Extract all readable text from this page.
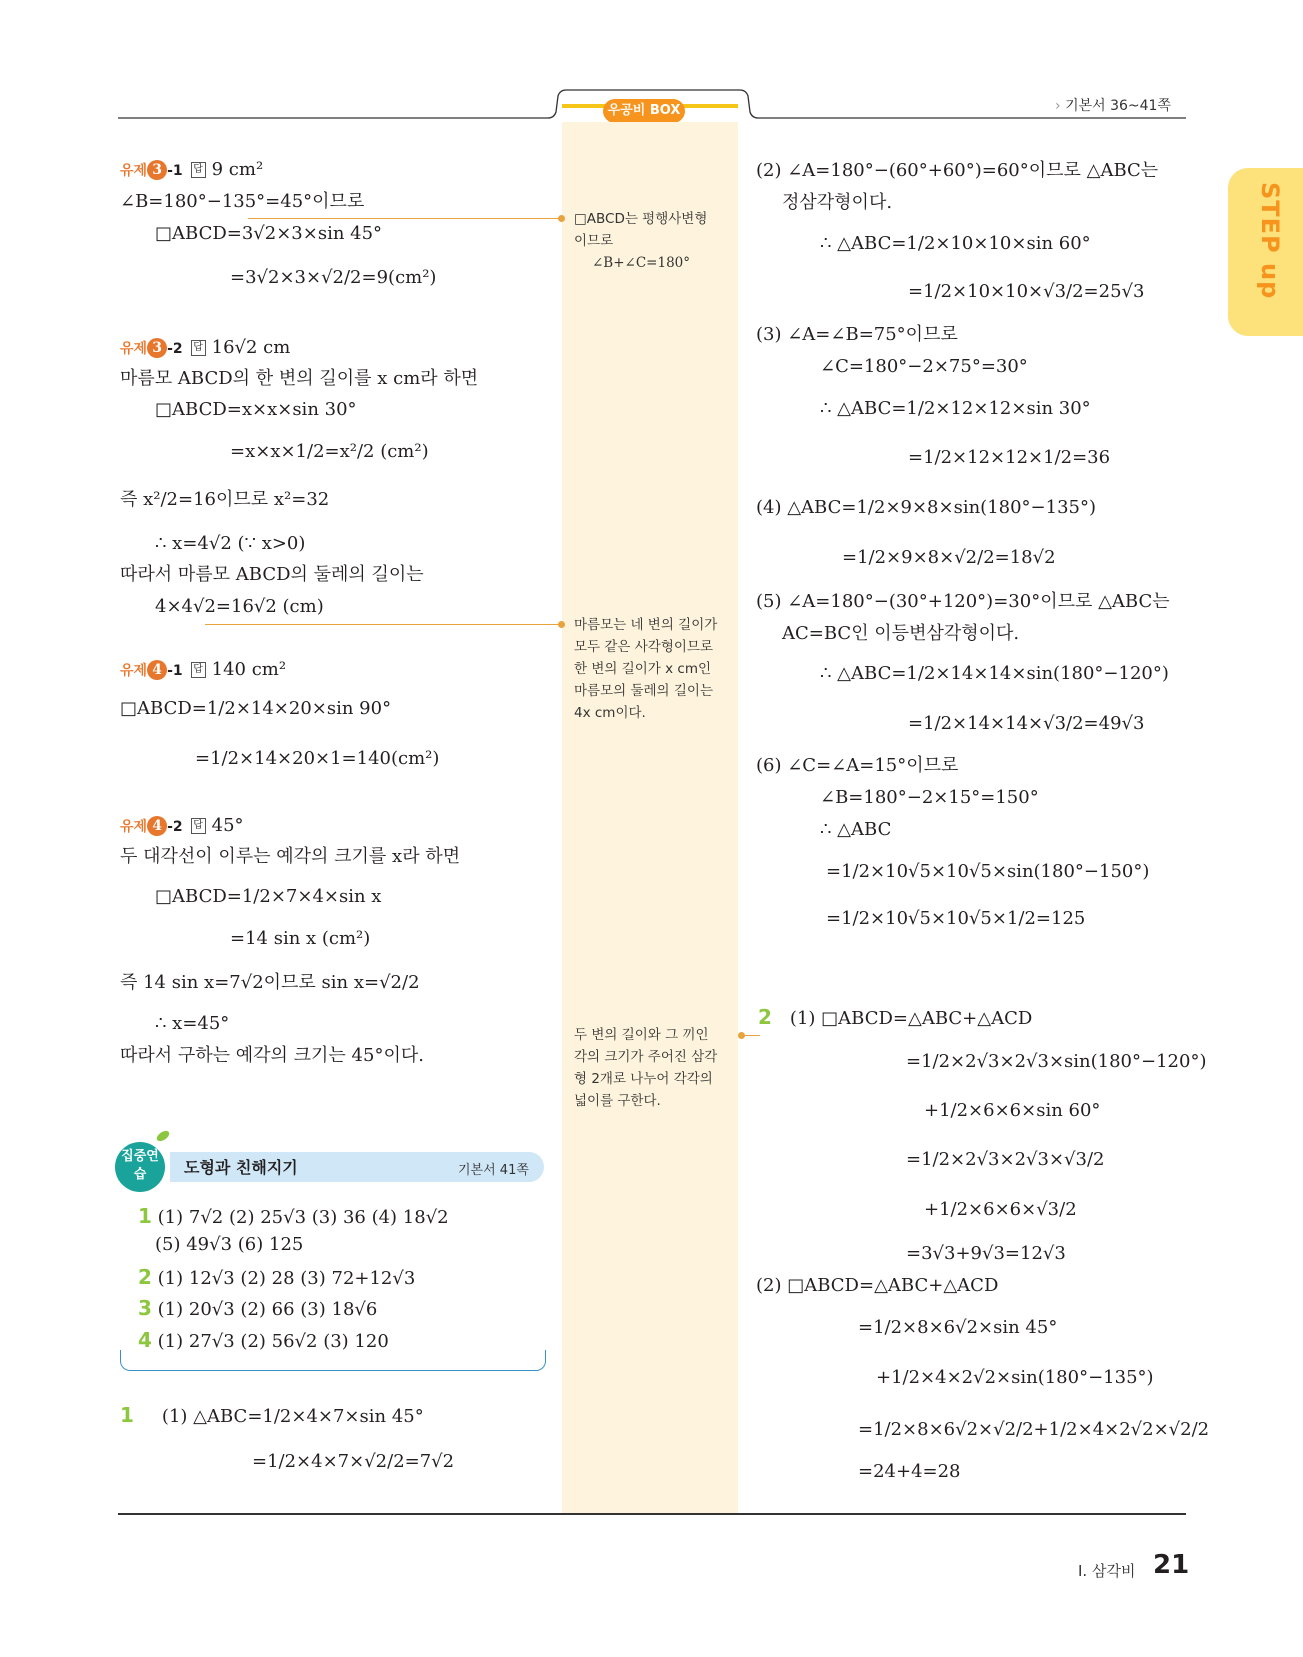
우공비 BOX	› 기본서 36~41쪽
STEP up
유제 3 -1 답 9 cm²
∠B=180°−135°=45°이므로
□ABCD=3√2×3×sin 45°
=3√2×3×√2/2=9(cm²)
유제 3 -2 답 16√2 cm
마름모 ABCD의 한 변의 길이를 x cm라 하면
□ABCD=x×x×sin 30°
=x×x×1/2=x²/2 (cm²)
즉 x²/2=16이므로 x²=32
∴ x=4√2 (∵ x>0)
따라서 마름모 ABCD의 둘레의 길이는
4×4√2=16√2 (cm)
유제 4 -1 답 140 cm²
□ABCD=1/2×14×20×sin 90°
=1/2×14×20×1=140(cm²)
유제 4 -2 답 45°
두 대각선이 이루는 예각의 크기를 x라 하면
□ABCD=1/2×7×4×sin x
=14 sin x (cm²)
즉 14 sin x=7√2이므로 sin x=√2/2
∴ x=45°
따라서 구하는 예각의 크기는 45°이다.
집중연습	도형과 친해지기	기본서 41쪽
1 (1) 7√2 (2) 25√3 (3) 36 (4) 18√2
(5) 49√3 (6) 125
2 (1) 12√3 (2) 28 (3) 72+12√3
3 (1) 20√3 (2) 66 (3) 18√6
4 (1) 27√3 (2) 56√2 (3) 120
1 (1) △ABC=1/2×4×7×sin 45°
=1/2×4×7×√2/2=7√2
□ABCD는 평행사변형
이므로
∠B+∠C=180°
마름모는 네 변의 길이가
모두 같은 사각형이므로
한 변의 길이가 x cm인
마름모의 둘레의 길이는
4x cm이다.
두 변의 길이와 그 끼인
각의 크기가 주어진 삼각
형 2개로 나누어 각각의
넓이를 구한다.
(2) ∠A=180°−(60°+60°)=60°이므로 △ABC는
정삼각형이다.
∴ △ABC=1/2×10×10×sin 60°
=1/2×10×10×√3/2=25√3
(3) ∠A=∠B=75°이므로
∠C=180°−2×75°=30°
∴ △ABC=1/2×12×12×sin 30°
=1/2×12×12×1/2=36
(4) △ABC=1/2×9×8×sin(180°−135°)
=1/2×9×8×√2/2=18√2
(5) ∠A=180°−(30°+120°)=30°이므로 △ABC는
AC=BC인 이등변삼각형이다.
∴ △ABC=1/2×14×14×sin(180°−120°)
=1/2×14×14×√3/2=49√3
(6) ∠C=∠A=15°이므로
∠B=180°−2×15°=150°
∴ △ABC
=1/2×10√5×10√5×sin(180°−150°)
=1/2×10√5×10√5×1/2=125
2 (1) □ABCD=△ABC+△ACD
=1/2×2√3×2√3×sin(180°−120°)
+1/2×6×6×sin 60°
=1/2×2√3×2√3×√3/2
+1/2×6×6×√3/2
=3√3+9√3=12√3
(2) □ABCD=△ABC+△ACD
=1/2×8×6√2×sin 45°
+1/2×4×2√2×sin(180°−135°)
=1/2×8×6√2×√2/2+1/2×4×2√2×√2/2
=24+4=28
I. 삼각비 21
